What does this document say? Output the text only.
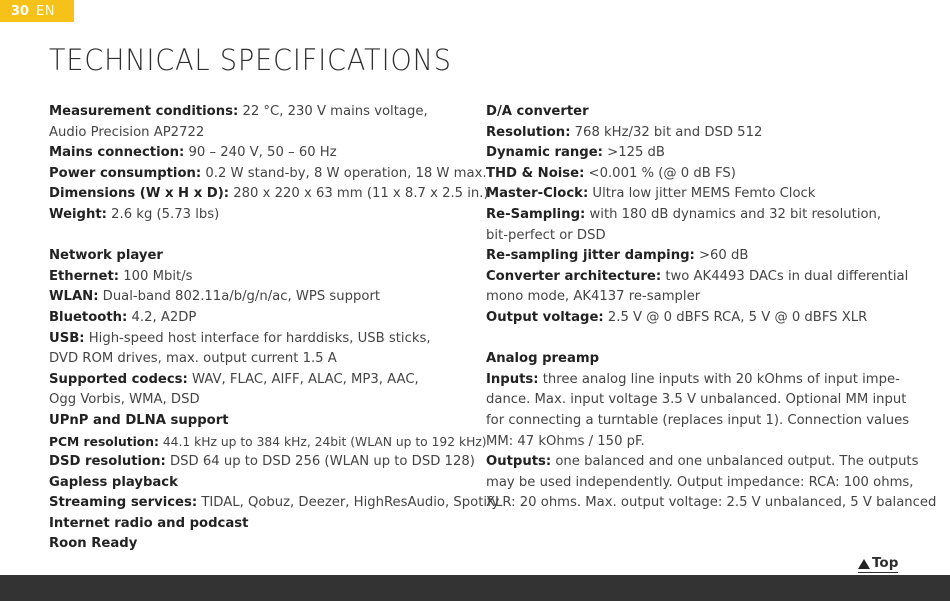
30 EN
TECHNICAL SPECIFICATIONS
Measurement conditions: 22 °C, 230 V mains voltage,
Audio Precision AP2722
Mains connection: 90 – 240 V, 50 – 60 Hz
Power consumption: 0.2 W stand-by, 8 W operation, 18 W max.
Dimensions (W x H x D): 280 x 220 x 63 mm (11 x 8.7 x 2.5 in.)
Weight: 2.6 kg (5.73 lbs)
Network player
Ethernet: 100 Mbit/s
WLAN: Dual-band 802.11a/b/g/n/ac, WPS support
Bluetooth: 4.2, A2DP
USB: High-speed host interface for harddisks, USB sticks,
DVD ROM drives, max. output current 1.5 A
Supported codecs: WAV, FLAC, AIFF, ALAC, MP3, AAC,
Ogg Vorbis, WMA, DSD
UPnP and DLNA support
PCM resolution: 44.1 kHz up to 384 kHz, 24bit (WLAN up to 192 kHz)
DSD resolution: DSD 64 up to DSD 256 (WLAN up to DSD 128)
Gapless playback
Streaming services: TIDAL, Qobuz, Deezer, HighResAudio, Spotify
Internet radio and podcast
Roon Ready
D/A converter
Resolution: 768 kHz/32 bit and DSD 512
Dynamic range: >125 dB
THD & Noise: <0.001 % (@ 0 dB FS)
Master-Clock: Ultra low jitter MEMS Femto Clock
Re-Sampling: with 180 dB dynamics and 32 bit resolution,
bit-perfect or DSD
Re-sampling jitter damping: >60 dB
Converter architecture: two AK4493 DACs in dual differential
mono mode, AK4137 re-sampler
Output voltage: 2.5 V @ 0 dBFS RCA, 5 V @ 0 dBFS XLR
Analog preamp
Inputs: three analog line inputs with 20 kOhms of input impe-
dance. Max. input voltage 3.5 V unbalanced. Optional MM input
for connecting a turntable (replaces input 1). Connection values
MM: 47 kOhms / 150 pF.
Outputs: one balanced and one unbalanced output. The outputs
may be used independently. Output impedance: RCA: 100 ohms,
XLR: 20 ohms. Max. output voltage: 2.5 V unbalanced, 5 V balanced
Top
